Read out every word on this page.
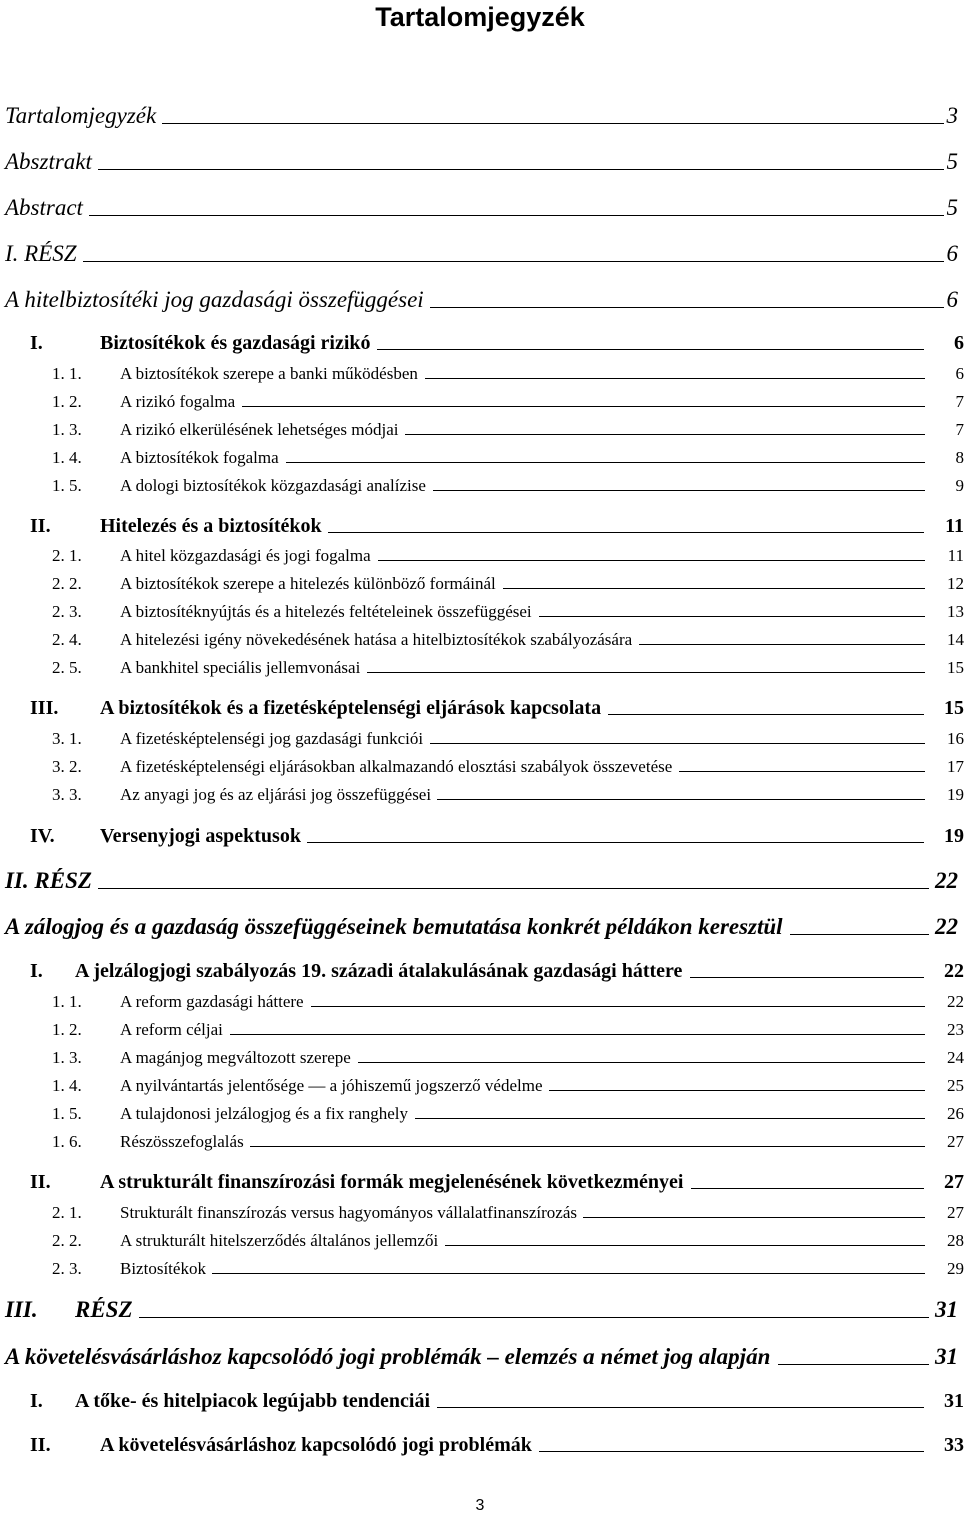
Tartalomjegyzék
Tartalomjegyzék	3
Absztrakt	5
Abstract	5
I. RÉSZ	6
A hitelbiztosítéki jog gazdasági összefüggései	6
I.	Biztosítékok és gazdasági rizikó	6
1. 1. A biztosítékok szerepe a banki működésben	6
1. 2. A rizikó fogalma	7
1. 3. A rizikó elkerülésének lehetséges módjai	7
1. 4. A biztosítékok fogalma	8
1. 5. A dologi biztosítékok közgazdasági analízise	9
II. Hitelezés és a biztosítékok	11
2. 1. A hitel közgazdasági és jogi fogalma	11
2. 2. A biztosítékok szerepe a hitelezés különböző formáinál	12
2. 3. A biztosítéknyújtás és a hitelezés feltételeinek összefüggései	13
2. 4. A hitelezési igény növekedésének hatása a hitelbiztosítékok szabályozására	14
2. 5. A bankhitel speciális jellemvonásai	15
III. A biztosítékok és a fizetésképtelenségi eljárások kapcsolata	15
3. 1. A fizetésképtelenségi jog gazdasági funkciói	16
3. 2. A fizetésképtelenségi eljárásokban alkalmazandó elosztási szabályok összevetése	17
3. 3. Az anyagi jog és az eljárási jog összefüggései	19
IV. Versenyjogi aspektusok	19
II. RÉSZ	22
A zálogjog és a gazdaság összefüggéseinek bemutatása konkrét példákon keresztül	22
I. A jelzálogjogi szabályozás 19. századi átalakulásának gazdasági háttere	22
1. 1. A reform gazdasági háttere	22
1. 2. A reform céljai	23
1. 3. A magánjog megváltozott szerepe	24
1. 4. A nyilvántartás jelentősége — a jóhiszemű jogszerző védelme	25
1. 5. A tulajdonosi jelzálogjog és a fix ranghely	26
1. 6. Részösszefoglalás	27
II. A strukturált finanszírozási formák megjelenésének következményei	27
2. 1. Strukturált finanszírozás versus hagyományos vállalatfinanszírozás	27
2. 2. A strukturált hitelszerződés általános jellemzői	28
2. 3. Biztosítékok	29
III. RÉSZ	31
A követelésvásárláshoz kapcsolódó jogi problémák – elemzés a német jog alapján	31
I. A tőke- és hitelpiacok legújabb tendenciái	31
II. A követelésvásárláshoz kapcsolódó jogi problémák	33
3
